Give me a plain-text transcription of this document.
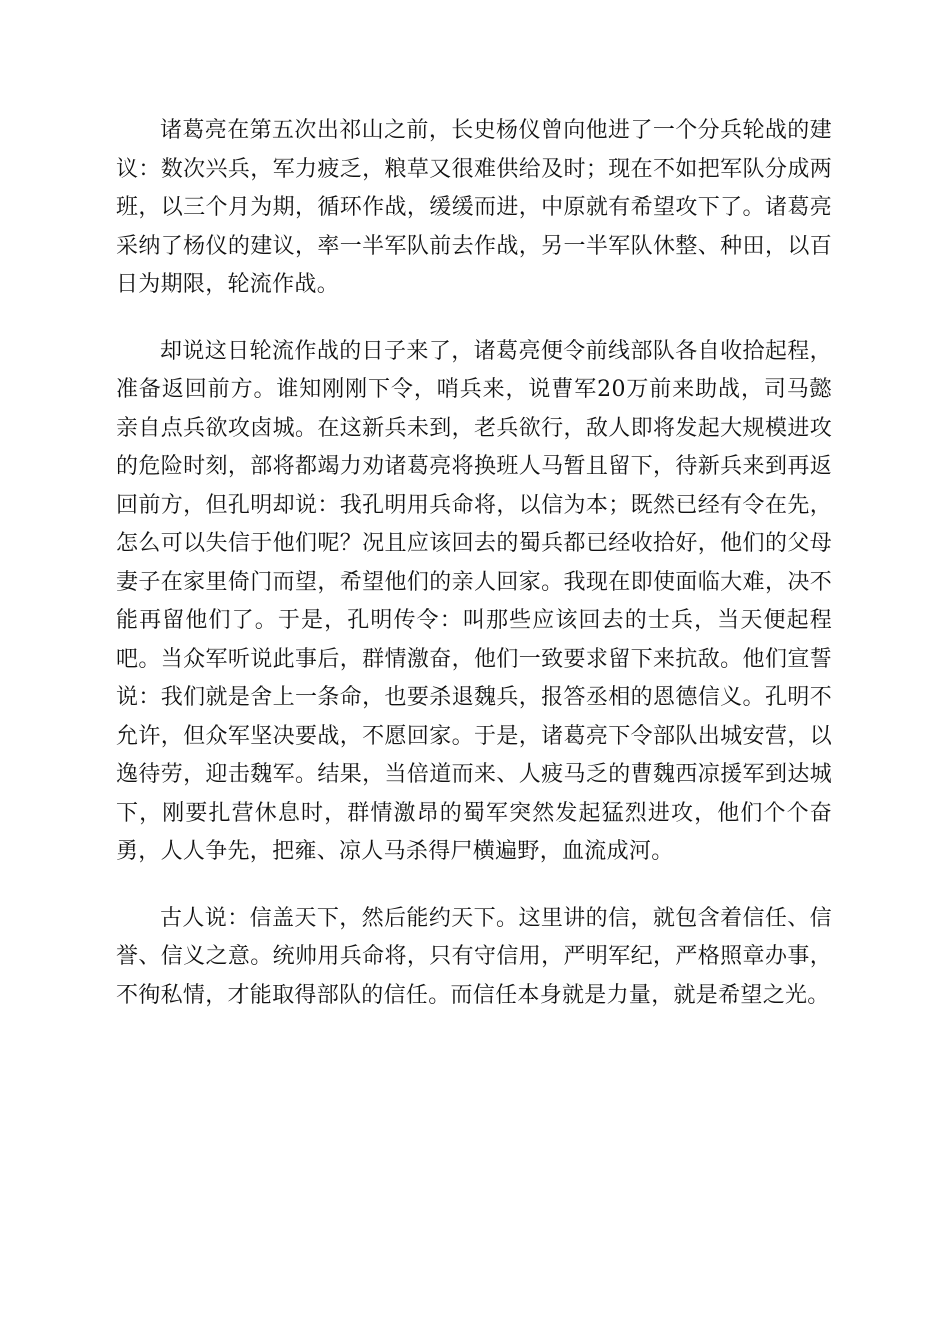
诸葛亮在第五次出祁山之前，长史杨仪曾向他进了一个分兵轮战的建议：数次兴兵，军力疲乏，粮草又很难供给及时；现在不如把军队分成两班，以三个月为期，循环作战，缓缓而进，中原就有希望攻下了。诸葛亮采纳了杨仪的建议，率一半军队前去作战，另一半军队休整、种田，以百日为期限，轮流作战。

却说这日轮流作战的日子来了，诸葛亮便令前线部队各自收拾起程，准备返回前方。谁知刚刚下令，哨兵来，说曹军20万前来助战，司马懿亲自点兵欲攻卤城。在这新兵未到，老兵欲行，敌人即将发起大规模进攻的危险时刻，部将都竭力劝诸葛亮将换班人马暂且留下，待新兵来到再返回前方，但孔明却说：我孔明用兵命将，以信为本；既然已经有令在先，怎么可以失信于他们呢？况且应该回去的蜀兵都已经收拾好，他们的父母妻子在家里倚门而望，希望他们的亲人回家。我现在即使面临大难，决不能再留他们了。于是，孔明传令：叫那些应该回去的士兵，当天便起程吧。当众军听说此事后，群情激奋，他们一致要求留下来抗敌。他们宣誓说：我们就是舍上一条命，也要杀退魏兵，报答丞相的恩德信义。孔明不允许，但众军坚决要战，不愿回家。于是，诸葛亮下令部队出城安营，以逸待劳，迎击魏军。结果，当倍道而来、人疲马乏的曹魏西凉援军到达城下，刚要扎营休息时，群情激昂的蜀军突然发起猛烈进攻，他们个个奋勇，人人争先，把雍、凉人马杀得尸横遍野，血流成河。

古人说：信盖天下，然后能约天下。这里讲的信，就包含着信任、信誉、信义之意。统帅用兵命将，只有守信用，严明军纪，严格照章办事，不徇私情，才能取得部队的信任。而信任本身就是力量，就是希望之光。
